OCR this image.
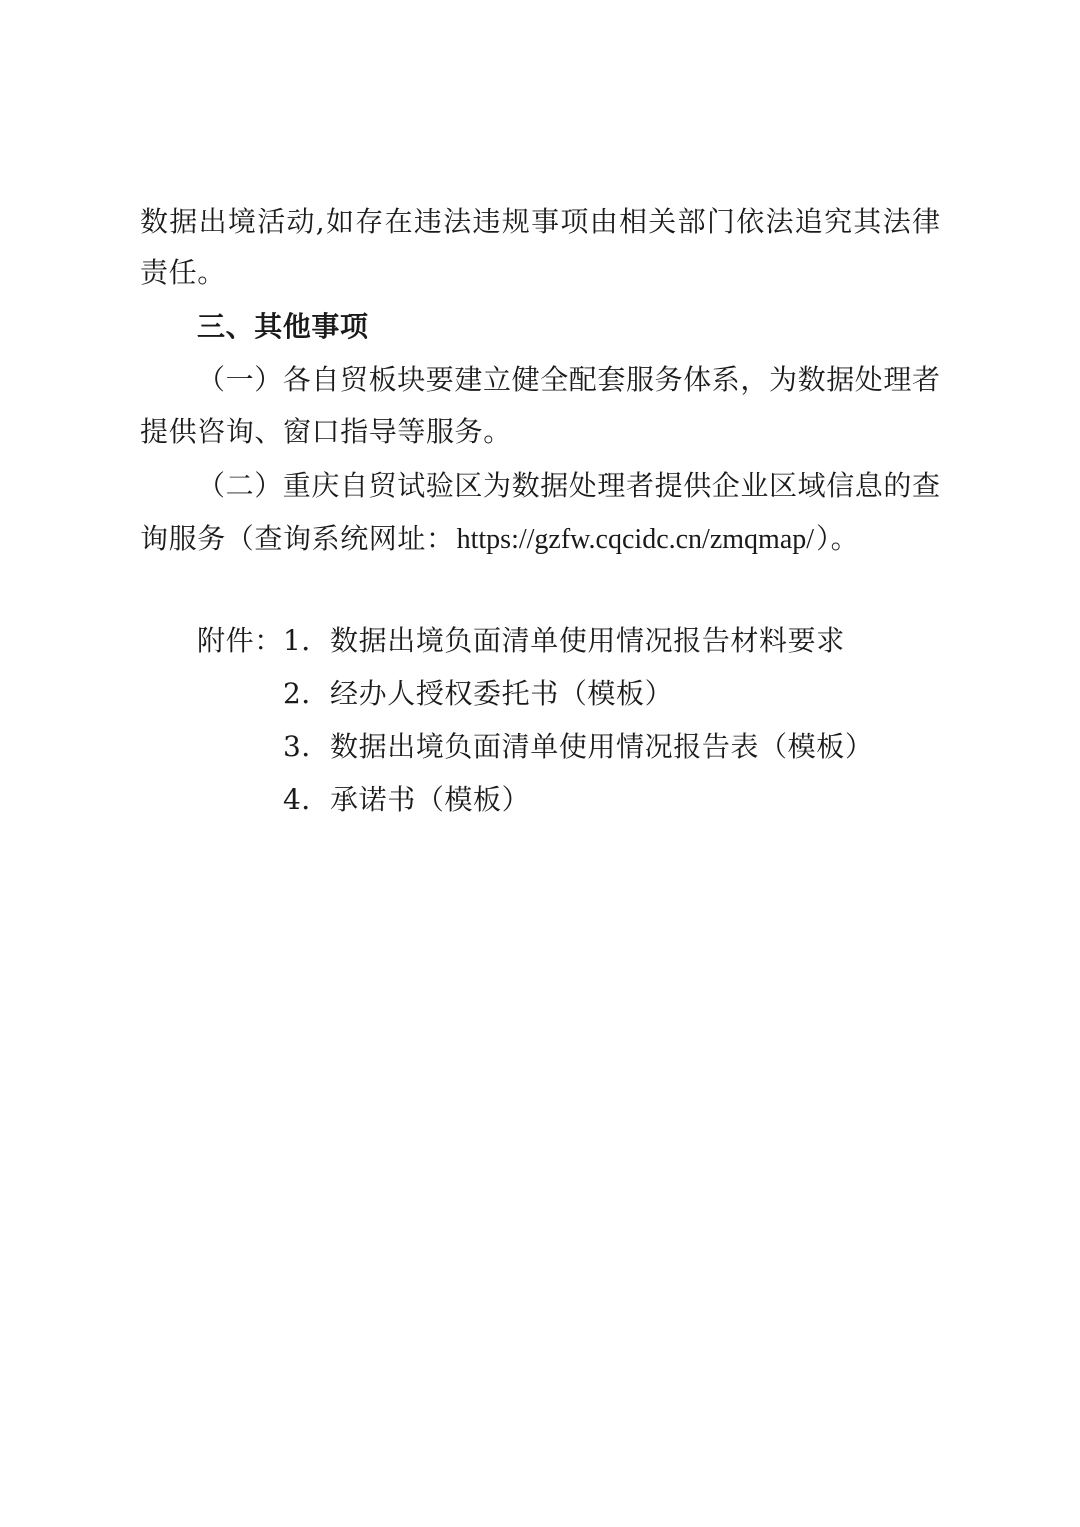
数据出境活动,如存在违法违规事项由相关部门依法追究其法律
责任。
三、其他事项
（一）各自贸板块要建立健全配套服务体系，为数据处理者
提供咨询、窗口指导等服务。
（二）重庆自贸试验区为数据处理者提供企业区域信息的查
询服务（查询系统网址：https://gzfw.cqcidc.cn/zmqmap/）。
附件： 1．数据出境负面清单使用情况报告材料要求
2．经办人授权委托书（模板）
3．数据出境负面清单使用情况报告表（模板）
4．承诺书（模板）
